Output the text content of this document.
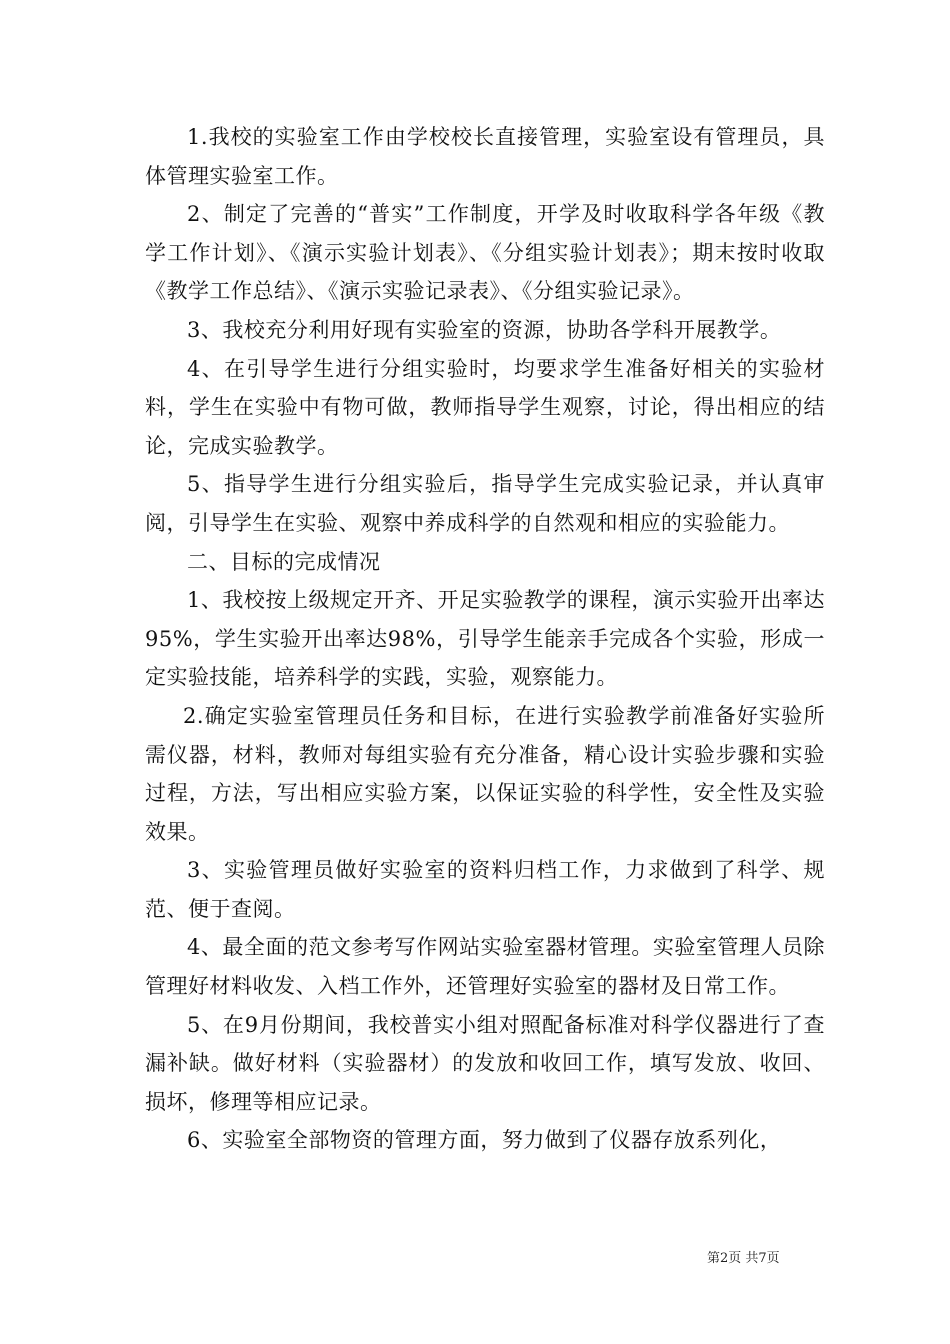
1.我校的实验室工作由学校校长直接管理，实验室设有管理员，具体管理实验室工作。

2、制定了完善的“普实”工作制度，开学及时收取科学各年级《教学工作计划》、《演示实验计划表》、《分组实验计划表》；期末按时收取《教学工作总结》、《演示实验记录表》、《分组实验记录》。

3、我校充分利用好现有实验室的资源，协助各学科开展教学。

4、在引导学生进行分组实验时，均要求学生准备好相关的实验材料，学生在实验中有物可做，教师指导学生观察，讨论，得出相应的结论，完成实验教学。

5、指导学生进行分组实验后，指导学生完成实验记录，并认真审阅，引导学生在实验、观察中养成科学的自然观和相应的实验能力。

二、目标的完成情况

1、我校按上级规定开齐、开足实验教学的课程，演示实验开出率达95%，学生实验开出率达98%，引导学生能亲手完成各个实验，形成一定实验技能，培养科学的实践，实验，观察能力。

2.确定实验室管理员任务和目标，在进行实验教学前准备好实验所需仪器，材料，教师对每组实验有充分准备，精心设计实验步骤和实验过程，方法，写出相应实验方案，以保证实验的科学性，安全性及实验效果。

3、实验管理员做好实验室的资料归档工作，力求做到了科学、规范、便于查阅。

4、最全面的范文参考写作网站实验室器材管理。实验室管理人员除管理好材料收发、入档工作外，还管理好实验室的器材及日常工作。

5、在9月份期间，我校普实小组对照配备标准对科学仪器进行了查漏补缺。做好材料（实验器材）的发放和收回工作，填写发放、收回、损坏，修理等相应记录。

6、实验室全部物资的管理方面，努力做到了仪器存放系列化，

第2页 共7页
